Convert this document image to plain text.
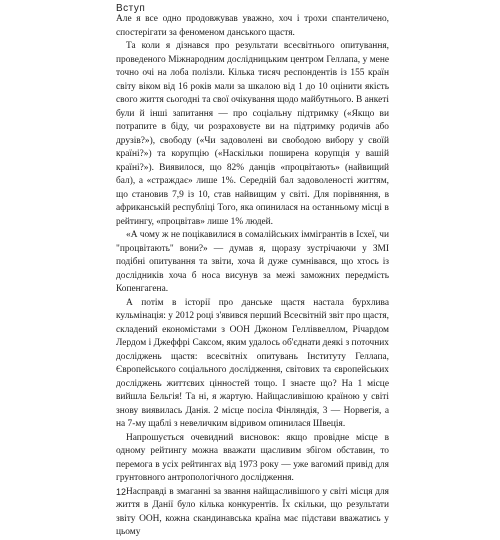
Вступ

Але я все одно продовжував уважно, хоч і трохи спантеличено, спостерігати за феноменом данського щастя.

Та коли я дізнався про результати всесвітнього опитування, проведеного Міжнародним дослідницьким центром Геллапа, у мене точно очі на лоба полізли. Кілька тисяч респондентів із 155 країн світу віком від 16 років мали за шкалою від 1 до 10 оцінити якість свого життя сьогодні та свої очікування щодо майбутнього. В анкеті були й інші запитання — про соціальну підтримку («Якщо ви потрапите в біду, чи розраховуєте ви на підтримку родичів або друзів?»), свободу («Чи задоволені ви свободою вибору у своїй країні?») та корупцію («Наскільки поширена корупція у вашій країні?»). Виявилося, що 82% данців «процвітають» (найвищий бал), а «страждає» лише 1%. Середній бал задоволеності життям, що становив 7,9 із 10, став найвищим у світі. Для порівняння, в африканській республіці Того, яка опинилася на останньому місці в рейтингу, «процвітав» лише 1% людей.

«А чому ж не поцікавилися в сомалійських іммігрантів в Ісхеї, чи "процвітають" вони?» — думав я, щоразу зустрічаючи у ЗМІ подібні опитування та звіти, хоча й дуже сумнівався, що хтось із дослідників хоча б носа висунув за межі заможних передмість Копенгагена.

А потім в історії про данське щастя настала бурхлива кульмінація: у 2012 році з'явився перший Всесвітній звіт про щастя, складений економістами з ООН Джоном Гелліввеллом, Річардом Лердом і Джеффрі Саксом, яким удалось об'єднати деякі з поточних досліджень щастя: всесвітніх опитувань Інституту Геллапа, Європейського соціального дослідження, світових та європейських досліджень життєвих цінностей тощо. І знаєте що? На 1 місце вийшла Бельгія! Та ні, я жартую. Найщасливішою країною у світі знову виявилась Данія. 2 місце посіла Фінляндія, 3 — Норвегія, а на 7-му щаблі з невеличким відривом опинилася Швеція.

Напрошується очевидний висновок: якщо провідне місце в одному рейтингу можна вважати щасливим збігом обставин, то перемога в усіх рейтингах від 1973 року — уже вагомий привід для грунтовного антропологічного дослідження.

Насправді в змаганні за звання найщасливішого у світі місця для життя в Данії було кілька конкурентів. Їх скільки, що результати звіту ООН, кожна скандинавська країна має підстави вважатись у цьому

12
